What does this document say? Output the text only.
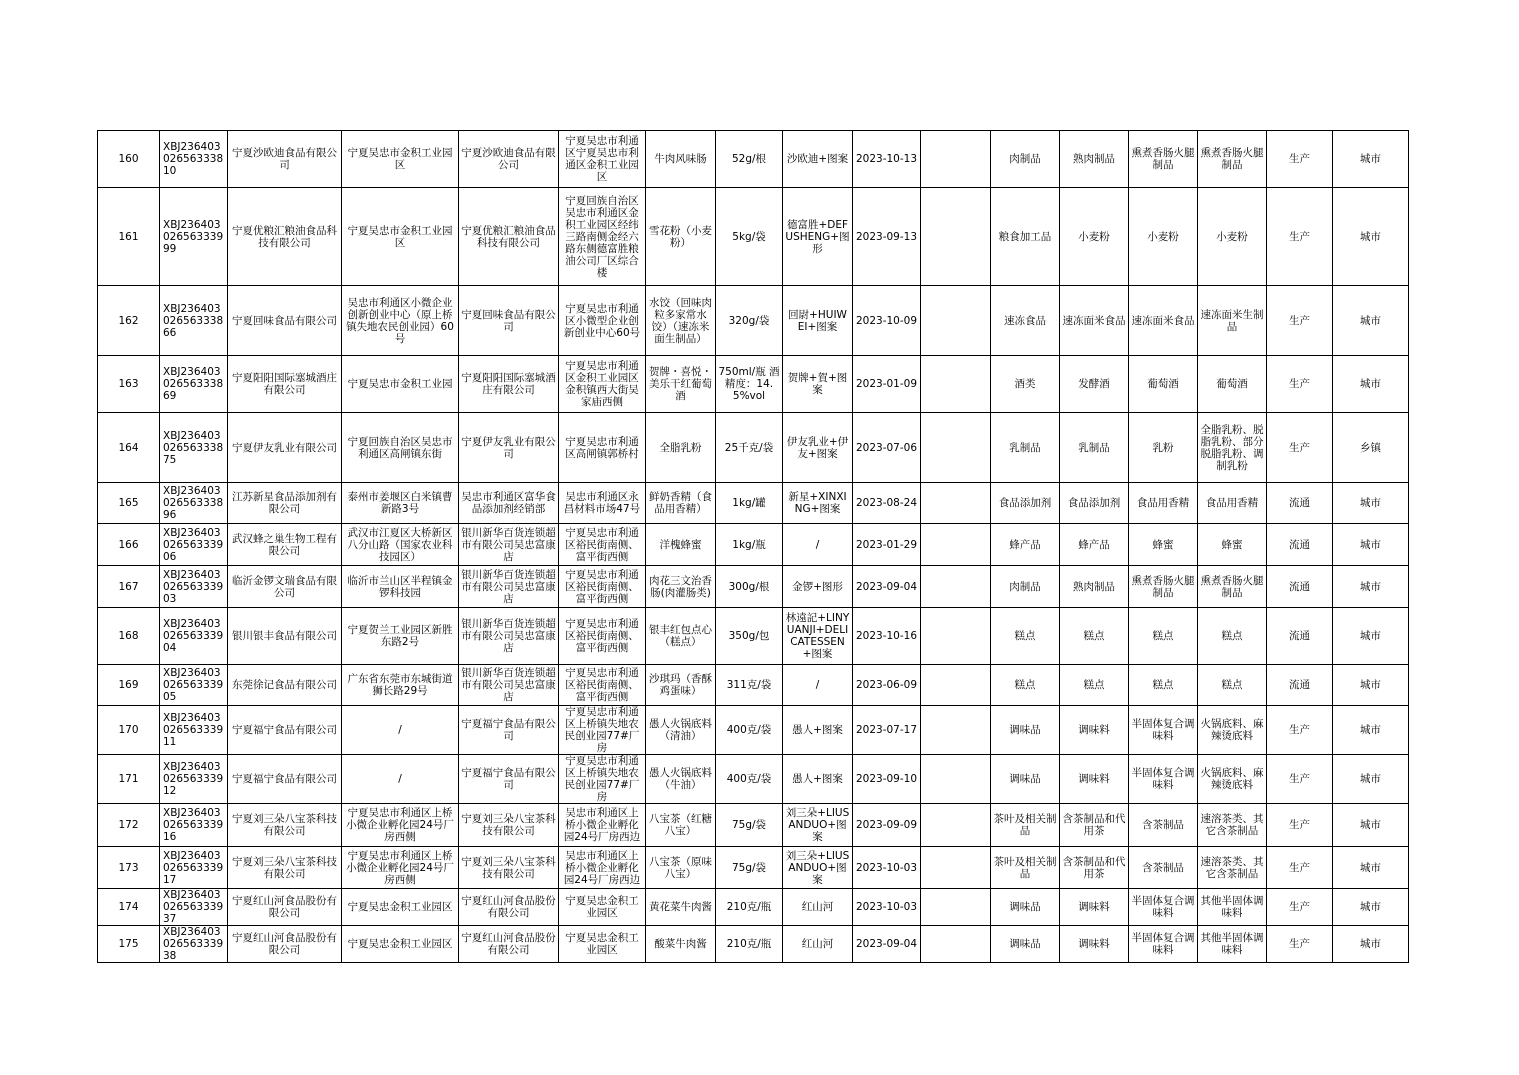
160	XBJ23640302656333810	宁夏沙欧迪食品有限公司	宁夏吴忠市金积工业园区	宁夏沙欧迪食品有限公司	宁夏吴忠市利通区宁夏吴忠市利通区金积工业园区	牛肉风味肠	52g/根	沙欧迪+图案	2023-10-13		肉制品	熟肉制品	熏煮香肠火腿制品	熏煮香肠火腿制品	生产	城市
161	XBJ23640302656333999	宁夏优粮汇粮油食品科技有限公司	宁夏吴忠市金积工业园区	宁夏优粮汇粮油食品科技有限公司	宁夏回族自治区吴忠市利通区金积工业园区经纬三路南侧金经六路东侧德富胜粮油公司厂区综合楼	雪花粉（小麦粉）	5kg/袋	德富胜+DEFUSHENG+图形	2023-09-13		粮食加工品	小麦粉	小麦粉	小麦粉	生产	城市
162	XBJ23640302656333866	宁夏回味食品有限公司	吴忠市利通区小微企业创新创业中心（原上桥镇失地农民创业园）60号	宁夏回味食品有限公司	宁夏吴忠市利通区小微型企业创新创业中心60号	水饺（回味肉粒多家常水饺）（速冻米面生制品）	320g/袋	回尉+HUIWEI+图案	2023-10-09		速冻食品	速冻面米食品	速冻面米食品	速冻面米生制品	生产	城市
163	XBJ23640302656333869	宁夏阳阳国际塞城酒庄有限公司	宁夏吴忠市金积工业园	宁夏阳阳国际塞城酒庄有限公司	宁夏吴忠市利通区金积工业园区金积镇西大街吴家庙西侧	贺牌・喜悦・美乐干红葡萄酒	750ml/瓶 酒精度：14.5%vol	贺牌+賀+图案	2023-01-09		酒类	发酵酒	葡萄酒	葡萄酒	生产	城市
164	XBJ23640302656333875	宁夏伊友乳业有限公司	宁夏回族自治区吴忠市利通区高闸镇东街	宁夏伊友乳业有限公司	宁夏吴忠市利通区高闸镇郭桥村	全脂乳粉	25千克/袋	伊友乳业+伊友+图案	2023-07-06		乳制品	乳制品	乳粉	全脂乳粉、脱脂乳粉、部分脱脂乳粉、调制乳粉	生产	乡镇
165	XBJ23640302656333896	江苏新星食品添加剂有限公司	泰州市姜堰区白米镇曹新路3号	吴忠市利通区富华食品添加剂经销部	吴忠市利通区永昌材料市场47号	鲜奶香精（食品用香精）	1kg/罐	新星+XINXING+图案	2023-08-24		食品添加剂	食品添加剂	食品用香精	食品用香精	流通	城市
166	XBJ23640302656333906	武汉蜂之巢生物工程有限公司	武汉市江夏区大桥新区八分山路（国家农业科技园区）	银川新华百货连锁超市有限公司吴忠富康店	宁夏吴忠市利通区裕民街南侧、富平街西侧	洋槐蜂蜜	1kg/瓶	/	2023-01-29		蜂产品	蜂产品	蜂蜜	蜂蜜	流通	城市
167	XBJ23640302656333903	临沂金锣文瑞食品有限公司	临沂市兰山区半程镇金锣科技园	银川新华百货连锁超市有限公司吴忠富康店	宁夏吴忠市利通区裕民街南侧、富平街西侧	肉花三文治香肠(肉灌肠类)	300g/根	金锣+图形	2023-09-04		肉制品	熟肉制品	熏煮香肠火腿制品	熏煮香肠火腿制品	流通	城市
168	XBJ23640302656333904	银川银丰食品有限公司	宁夏贺兰工业园区新胜东路2号	银川新华百货连锁超市有限公司吴忠富康店	宁夏吴忠市利通区裕民街南侧、富平街西侧	银丰红包点心（糕点）	350g/包	林遠記+LINYUANJI+DELICATESSEN+图案	2023-10-16		糕点	糕点	糕点	糕点	流通	城市
169	XBJ23640302656333905	东莞徐记食品有限公司	广东省东莞市东城街道狮长路29号	银川新华百货连锁超市有限公司吴忠富康店	宁夏吴忠市利通区裕民街南侧、富平街西侧	沙琪玛（香酥鸡蛋味）	311克/袋	/	2023-06-09		糕点	糕点	糕点	糕点	流通	城市
170	XBJ23640302656333911	宁夏福宁食品有限公司	/	宁夏福宁食品有限公司	宁夏吴忠市利通区上桥镇失地农民创业园77#厂房	愚人火锅底料（清油）	400克/袋	愚人+图案	2023-07-17		调味品	调味料	半固体复合调味料	火锅底料、麻辣烫底料	生产	城市
171	XBJ23640302656333912	宁夏福宁食品有限公司	/	宁夏福宁食品有限公司	宁夏吴忠市利通区上桥镇失地农民创业园77#厂房	愚人火锅底料（牛油）	400克/袋	愚人+图案	2023-09-10		调味品	调味料	半固体复合调味料	火锅底料、麻辣烫底料	生产	城市
172	XBJ23640302656333916	宁夏刘三朵八宝茶科技有限公司	宁夏吴忠市利通区上桥小微企业孵化园24号厂房西侧	宁夏刘三朵八宝茶科技有限公司	吴忠市利通区上桥小微企业孵化园24号厂房西边	八宝茶（红糖八宝）	75g/袋	刘三朵+LIUSANDUO+图案	2023-09-09		茶叶及相关制品	含茶制品和代用茶	含茶制品	速溶茶类、其它含茶制品	生产	城市
173	XBJ23640302656333917	宁夏刘三朵八宝茶科技有限公司	宁夏吴忠市利通区上桥小微企业孵化园24号厂房西侧	宁夏刘三朵八宝茶科技有限公司	吴忠市利通区上桥小微企业孵化园24号厂房西边	八宝茶（原味八宝）	75g/袋	刘三朵+LIUSANDUO+图案	2023-10-03		茶叶及相关制品	含茶制品和代用茶	含茶制品	速溶茶类、其它含茶制品	生产	城市
174	XBJ23640302656333937	宁夏红山河食品股份有限公司	宁夏吴忠金积工业园区	宁夏红山河食品股份有限公司	宁夏吴忠金积工业园区	黄花菜牛肉酱	210克/瓶	红山河	2023-10-03		调味品	调味料	半固体复合调味料	其他半固体调味料	生产	城市
175	XBJ23640302656333938	宁夏红山河食品股份有限公司	宁夏吴忠金积工业园区	宁夏红山河食品股份有限公司	宁夏吴忠金积工业园区	酸菜牛肉酱	210克/瓶	红山河	2023-09-04		调味品	调味料	半固体复合调味料	其他半固体调味料	生产	城市
